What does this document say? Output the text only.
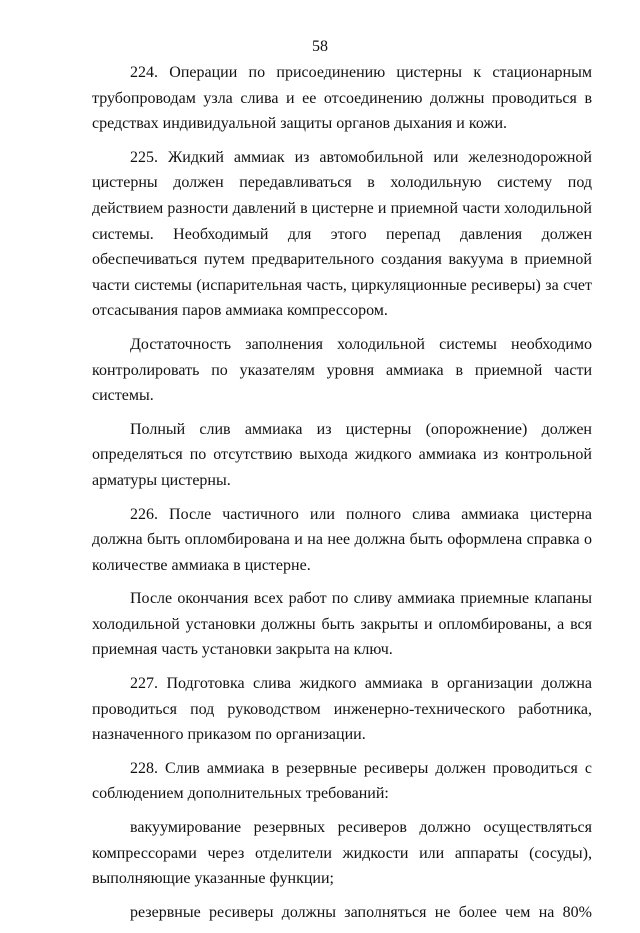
58

224. Операции по присоединению цистерны к стационарным трубопроводам узла слива и ее отсоединению должны проводиться в средствах индивидуальной защиты органов дыхания и кожи.

225. Жидкий аммиак из автомобильной или железнодорожной цистерны должен передавливаться в холодильную систему под действием разности давлений в цистерне и приемной части холодильной системы. Необходимый для этого перепад давления должен обеспечиваться путем предварительного создания вакуума в приемной части системы (испарительная часть, циркуляционные ресиверы) за счет отсасывания паров аммиака компрессором.

Достаточность заполнения холодильной системы необходимо контролировать по указателям уровня аммиака в приемной части системы.

Полный слив аммиака из цистерны (опорожнение) должен определяться по отсутствию выхода жидкого аммиака из контрольной арматуры цистерны.

226. После частичного или полного слива аммиака цистерна должна быть опломбирована и на нее должна быть оформлена справка о количестве аммиака в цистерне.

После окончания всех работ по сливу аммиака приемные клапаны холодильной установки должны быть закрыты и опломбированы, а вся приемная часть установки закрыта на ключ.

227. Подготовка слива жидкого аммиака в организации должна проводиться под руководством инженерно-технического работника, назначенного приказом по организации.

228. Слив аммиака в резервные ресиверы должен проводиться с соблюдением дополнительных требований:

вакуумирование резервных ресиверов должно осуществляться компрессорами через отделители жидкости или аппараты (сосуды), выполняющие указанные функции;

резервные ресиверы должны заполняться не более чем на 80%
